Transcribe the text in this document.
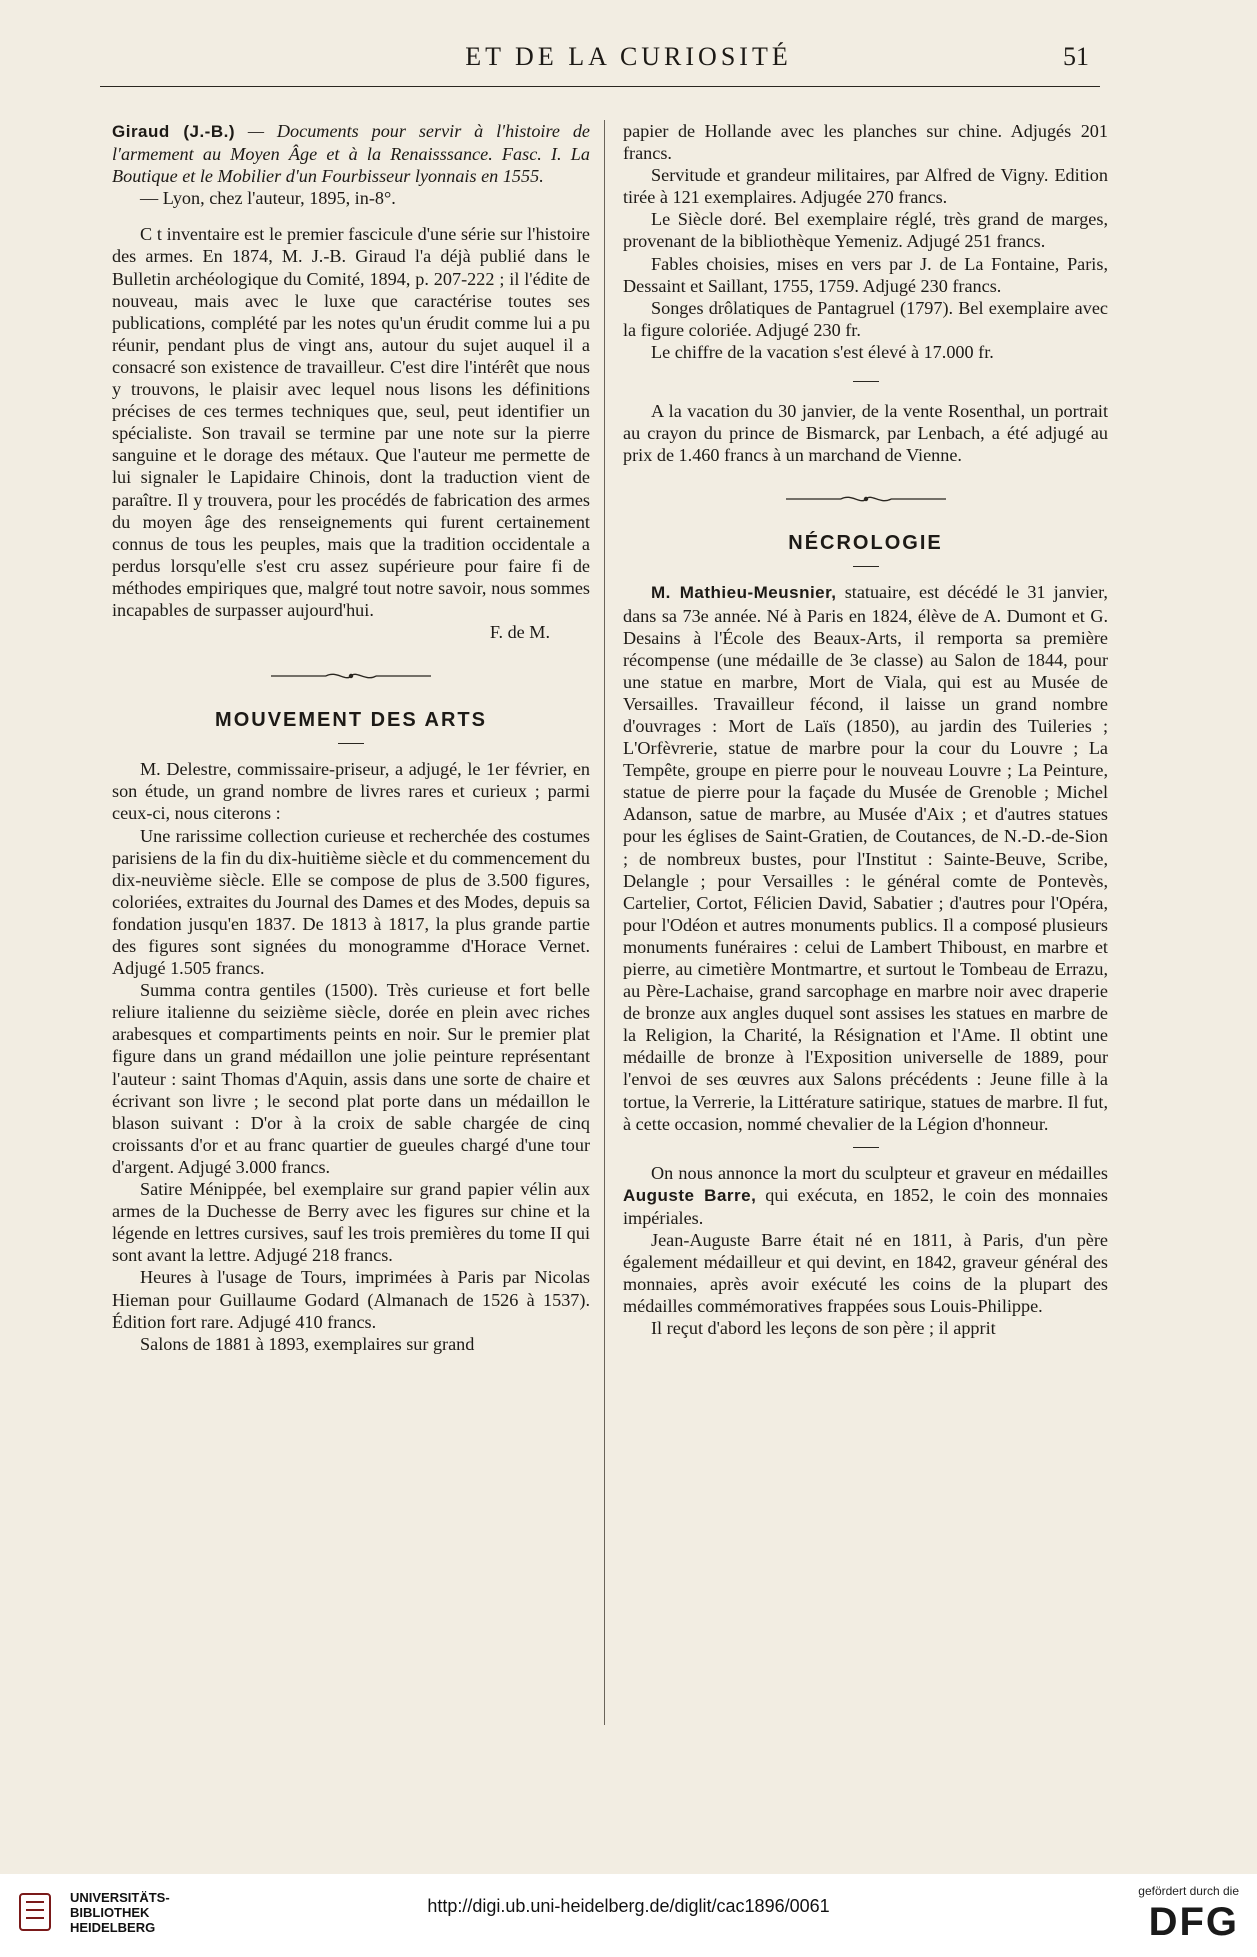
ET DE LA CURIOSITÉ	51

Giraud (J.-B.) — Documents pour servir à l'histoire de l'armement au Moyen Âge et à la Renaisssance. Fasc. I. La Boutique et le Mobilier d'un Fourbisseur lyonnais en 1555.

— Lyon, chez l'auteur, 1895, in-8°.

C t inventaire est le premier fascicule d'une série sur l'histoire des armes. En 1874, M. J.-B. Giraud l'a déjà publié dans le Bulletin archéologique du Comité, 1894, p. 207-222 ; il l'édite de nouveau, mais avec le luxe que caractérise toutes ses publications, complété par les notes qu'un érudit comme lui a pu réunir, pendant plus de vingt ans, autour du sujet auquel il a consacré son existence de travailleur. C'est dire l'intérêt que nous y trouvons, le plaisir avec lequel nous lisons les définitions précises de ces termes techniques que, seul, peut identifier un spécialiste. Son travail se termine par une note sur la pierre sanguine et le dorage des métaux. Que l'auteur me permette de lui signaler le Lapidaire Chinois, dont la traduction vient de paraître. Il y trouvera, pour les procédés de fabrication des armes du moyen âge des renseignements qui furent certainement connus de tous les peuples, mais que la tradition occidentale a perdus lorsqu'elle s'est cru assez supérieure pour faire fi de méthodes empiriques que, malgré tout notre savoir, nous sommes incapables de surpasser aujourd'hui.

F. de M.

MOUVEMENT DES ARTS

M. Delestre, commissaire-priseur, a adjugé, le 1er février, en son étude, un grand nombre de livres rares et curieux ; parmi ceux-ci, nous citerons :

Une rarissime collection curieuse et recherchée des costumes parisiens de la fin du dix-huitième siècle et du commencement du dix-neuvième siècle. Elle se compose de plus de 3.500 figures, coloriées, extraites du Journal des Dames et des Modes, depuis sa fondation jusqu'en 1837. De 1813 à 1817, la plus grande partie des figures sont signées du monogramme d'Horace Vernet. Adjugé 1.505 francs.

Summa contra gentiles (1500). Très curieuse et fort belle reliure italienne du seizième siècle, dorée en plein avec riches arabesques et compartiments peints en noir. Sur le premier plat figure dans un grand médaillon une jolie peinture représentant l'auteur : saint Thomas d'Aquin, assis dans une sorte de chaire et écrivant son livre ; le second plat porte dans un médaillon le blason suivant : D'or à la croix de sable chargée de cinq croissants d'or et au franc quartier de gueules chargé d'une tour d'argent. Adjugé 3.000 francs.

Satire Ménippée, bel exemplaire sur grand papier vélin aux armes de la Duchesse de Berry avec les figures sur chine et la légende en lettres cursives, sauf les trois premières du tome II qui sont avant la lettre. Adjugé 218 francs.

Heures à l'usage de Tours, imprimées à Paris par Nicolas Hieman pour Guillaume Godard (Almanach de 1526 à 1537). Édition fort rare. Adjugé 410 francs.

Salons de 1881 à 1893, exemplaires sur grand

papier de Hollande avec les planches sur chine. Adjugés 201 francs.

Servitude et grandeur militaires, par Alfred de Vigny. Edition tirée à 121 exemplaires. Adjugée 270 francs.

Le Siècle doré. Bel exemplaire réglé, très grand de marges, provenant de la bibliothèque Yemeniz. Adjugé 251 francs.

Fables choisies, mises en vers par J. de La Fontaine, Paris, Dessaint et Saillant, 1755, 1759. Adjugé 230 francs.

Songes drôlatiques de Pantagruel (1797). Bel exemplaire avec la figure coloriée. Adjugé 230 fr.

Le chiffre de la vacation s'est élevé à 17.000 fr.

A la vacation du 30 janvier, de la vente Rosenthal, un portrait au crayon du prince de Bismarck, par Lenbach, a été adjugé au prix de 1.460 francs à un marchand de Vienne.

NÉCROLOGIE

M. Mathieu-Meusnier, statuaire, est décédé le 31 janvier, dans sa 73e année. Né à Paris en 1824, élève de A. Dumont et G. Desains à l'École des Beaux-Arts, il remporta sa première récompense (une médaille de 3e classe) au Salon de 1844, pour une statue en marbre, Mort de Viala, qui est au Musée de Versailles. Travailleur fécond, il laisse un grand nombre d'ouvrages : Mort de Laïs (1850), au jardin des Tuileries ; L'Orfèvrerie, statue de marbre pour la cour du Louvre ; La Tempête, groupe en pierre pour le nouveau Louvre ; La Peinture, statue de pierre pour la façade du Musée de Grenoble ; Michel Adanson, satue de marbre, au Musée d'Aix ; et d'autres statues pour les églises de Saint-Gratien, de Coutances, de N.-D.-de-Sion ; de nombreux bustes, pour l'Institut : Sainte-Beuve, Scribe, Delangle ; pour Versailles : le général comte de Pontevès, Cartelier, Cortot, Félicien David, Sabatier ; d'autres pour l'Opéra, pour l'Odéon et autres monuments publics. Il a composé plusieurs monuments funéraires : celui de Lambert Thiboust, en marbre et pierre, au cimetière Montmartre, et surtout le Tombeau de Errazu, au Père-Lachaise, grand sarcophage en marbre noir avec draperie de bronze aux angles duquel sont assises les statues en marbre de la Religion, la Charité, la Résignation et l'Ame. Il obtint une médaille de bronze à l'Exposition universelle de 1889, pour l'envoi de ses œuvres aux Salons précédents : Jeune fille à la tortue, la Verrerie, la Littérature satirique, statues de marbre. Il fut, à cette occasion, nommé chevalier de la Légion d'honneur.

On nous annonce la mort du sculpteur et graveur en médailles Auguste Barre, qui exécuta, en 1852, le coin des monnaies impériales.

Jean-Auguste Barre était né en 1811, à Paris, d'un père également médailleur et qui devint, en 1842, graveur général des monnaies, après avoir exécuté les coins de la plupart des médailles commémoratives frappées sous Louis-Philippe.

Il reçut d'abord les leçons de son père ; il apprit

UNIVERSITÄTS-
BIBLIOTHEK
HEIDELBERG
http://digi.ub.uni-heidelberg.de/diglit/cac1896/0061
gefördert durch die
DFG
